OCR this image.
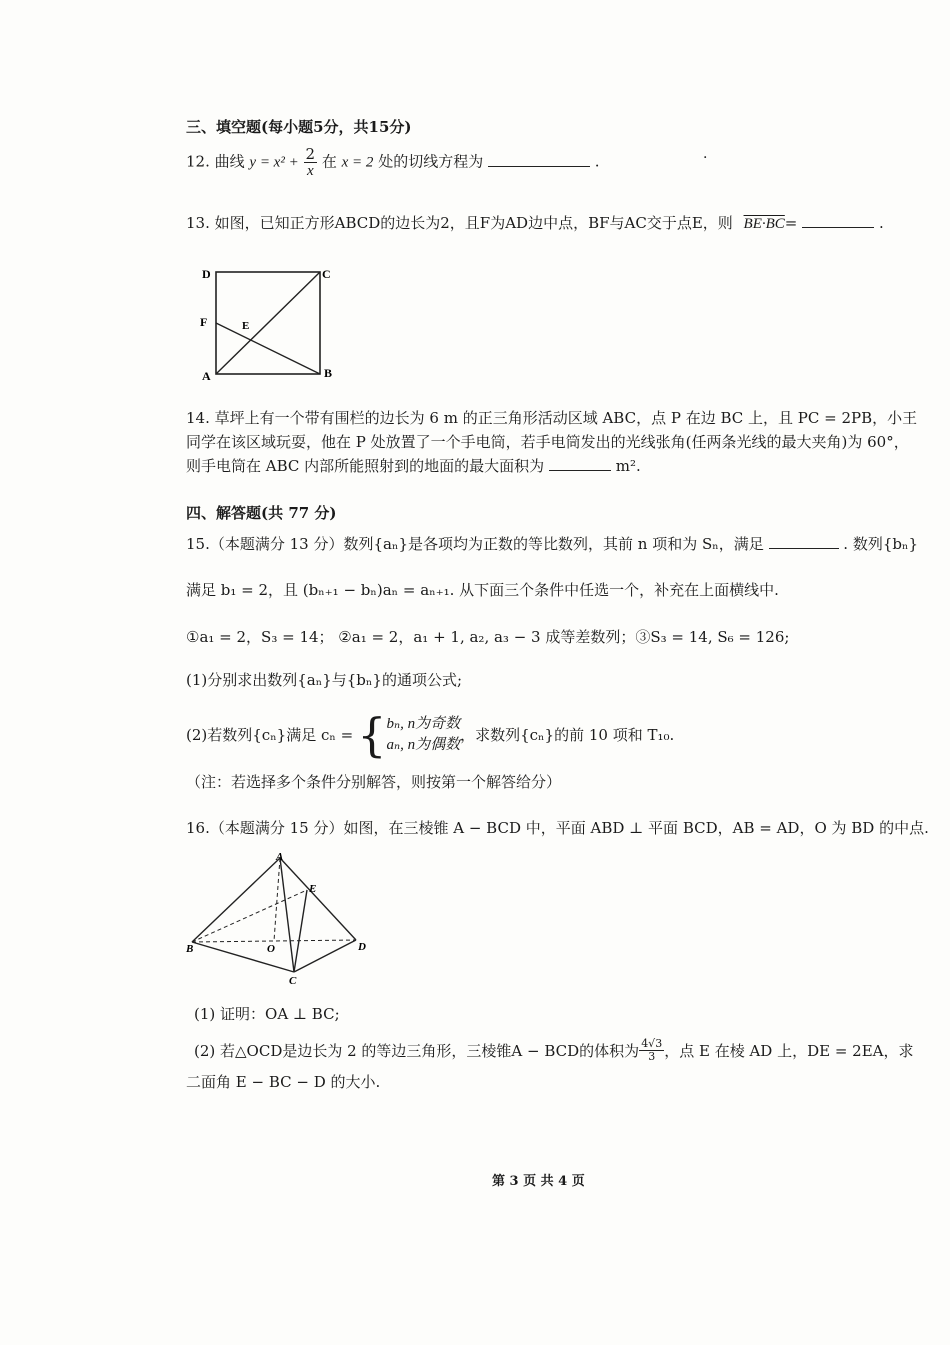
三、填空题(每小题5分，共15分)
12. 曲线 $y = x^2 + \frac{2}{x}$ 在 x = 2 处的切线方程为	.	·
13. 如图，已知正方形ABCD的边长为2，且F为AD边中点，BF与AC交于点E，则 BE·BC=	.
D	C
F	E
A	B
14. 草坪上有一个带有围栏的边长为 6 m 的正三角形活动区域 ABC，点 P 在边 BC 上，且 PC = 2PB，小王
同学在该区域玩耍，他在 P 处放置了一个手电筒，若手电筒发出的光线张角(任两条光线的最大夹角)为 60°，
则手电筒在 ABC 内部所能照射到的地面的最大面积为	m².
四、解答题(共 77 分)
15.（本题满分 13 分）数列{aₙ}是各项均为正数的等比数列，其前 n 项和为 Sₙ，满足	. 数列{bₙ}
满足 b₁ = 2，且 (bₙ₊₁ − bₙ)aₙ = aₙ₊₁. 从下面三个条件中任选一个，补充在上面横线中.
①a₁ = 2，S₃ = 14； ②a₁ = 2，a₁ + 1, a₂, a₃ − 3 成等差数列；③S₃ = 14, S₆ = 126;
(1)分别求出数列{aₙ}与{bₙ}的通项公式;
(2)若数列{cₙ}满足 cₙ = { bₙ, n为奇数
aₙ, n为偶数
，求数列{cₙ}的前 10 项和 T₁₀.
（注：若选择多个条件分别解答，则按第一个解答给分）
16.（本题满分 15 分）如图，在三棱锥 A − BCD 中，平面 ABD ⊥ 平面 BCD，AB = AD，O 为 BD 的中点.
A
E
B	O	D
C
(1) 证明：OA ⊥ BC;
(2) 若△OCD是边长为 2 的等边三角形，三棱锥A − BCD的体积为 $\frac{4√3}{3}$ ，点 E 在棱 AD 上，DE = 2EA，求
二面角 E − BC − D 的大小.
第 3 页 共 4 页
